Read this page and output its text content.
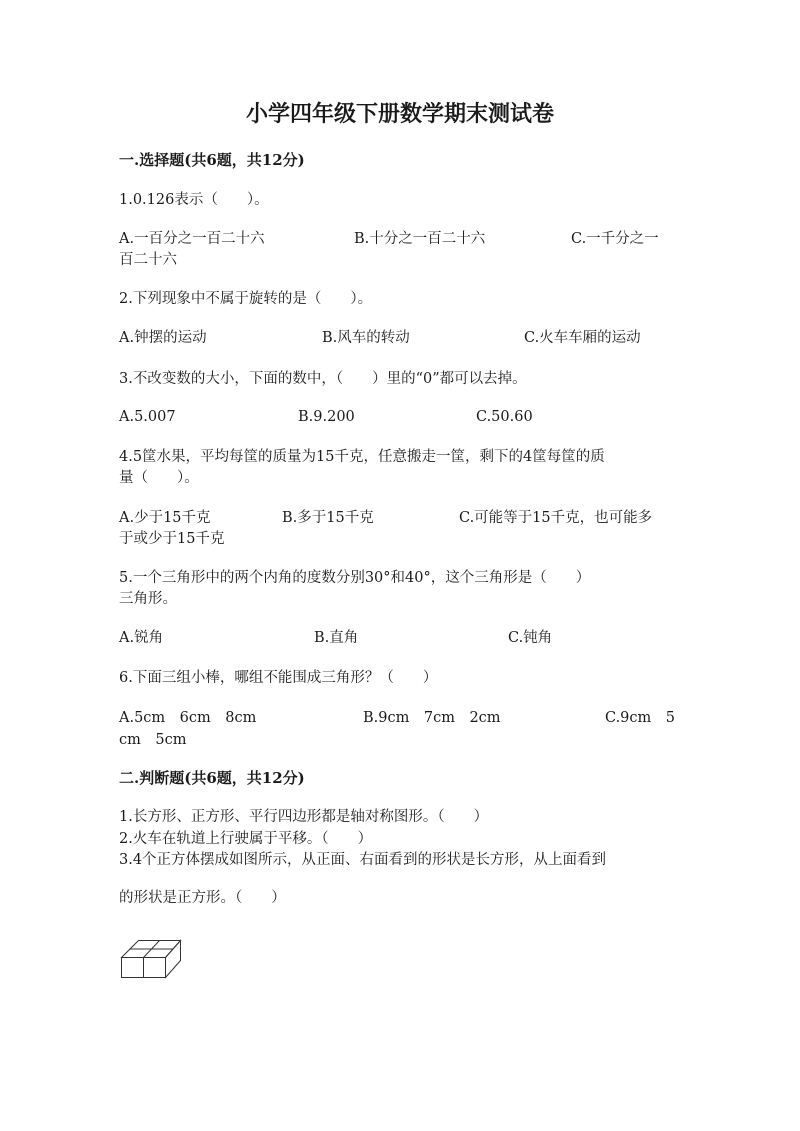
小学四年级下册数学期末测试卷
一.选择题(共6题，共12分)
1.0.126表示（　　）。
A.一百分之一百二十六	B.十分之一百二十六	C.一千分之一
百二十六
2.下列现象中不属于旋转的是（　　）。
A.钟摆的运动	B.风车的转动	C.火车车厢的运动
3.不改变数的大小，下面的数中，（　　）里的“0”都可以去掉。
A.5.007	B.9.200	C.50.60
4.5筐水果，平均每筐的质量为15千克，任意搬走一筐，剩下的4筐每筐的质
量（　　）。
A.少于15千克	B.多于15千克	C.可能等于15千克，也可能多
于或少于15千克
5.一个三角形中的两个内角的度数分别30°和40°，这个三角形是（　　）
三角形。
A.锐角	B.直角	C.钝角
6.下面三组小棒，哪组不能围成三角形？（　　）
A.5cm　6cm　8cm	B.9cm　7cm　2cm	C.9cm　5
cm　5cm
二.判断题(共6题，共12分)
1.长方形、正方形、平行四边形都是轴对称图形。（　　）
2.火车在轨道上行驶属于平移。（　　）
3.4个正方体摆成如图所示，从正面、右面看到的形状是长方形，从上面看到
的形状是正方形。（　　）
